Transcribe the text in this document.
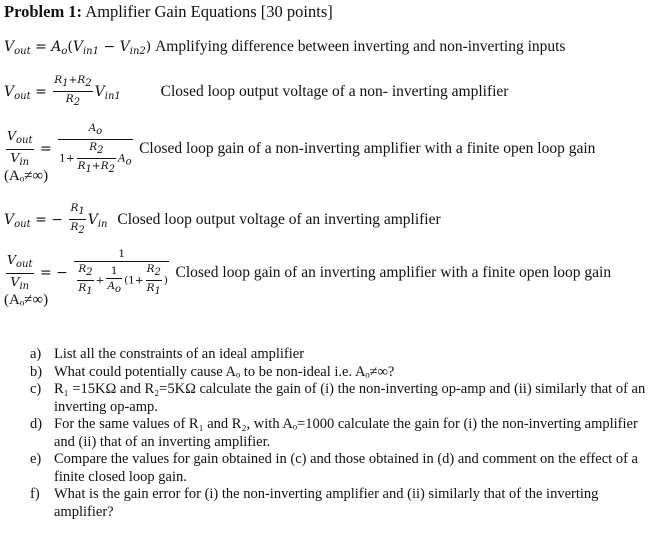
Problem 1: Amplifier Gain Equations [30 points]
$V_{out} = A_o(V_{in1} - V_{in2})$ Amplifying difference between inverting and non-inverting inputs
$V_{out} = \frac{R_1+R_2}{R_2} V_{in1}$	Closed loop output voltage of a non- inverting amplifier
$\frac{V_{out}}{V_{in}} = \frac{A_o}{1+ \frac{R_2}{R_1+R_2} A_o}$ Closed loop gain of a non-inverting amplifier with a finite open loop gain
(Aₒ≠∞)
$V_{out}$ = − $\frac{R_1}{R_2} V_{in}$ Closed loop output voltage of an inverting amplifier
$\frac{V_{out}}{V_{in}}$ = − $\frac{1}{\frac{R_2}{R_1} + \frac{1}{A_o} (1+ \frac{R_2}{R_1} )}$ Closed loop gain of an inverting amplifier with a finite open loop gain
(Aₒ≠∞)
a) List all the constraints of an ideal amplifier
b) What could potentially cause Aₒ to be non-ideal i.e. Aₒ≠∞?
c) R₁ =15KΩ and R₂=5KΩ calculate the gain of (i) the non-inverting op-amp and (ii) similarly that of an inverting op-amp.
d) For the same values of R₁ and R₂, with Aₒ=1000 calculate the gain for (i) the non-inverting amplifier and (ii) that of an inverting amplifier.
e) Compare the values for gain obtained in (c) and those obtained in (d) and comment on the effect of a finite closed loop gain.
f) What is the gain error for (i) the non-inverting amplifier and (ii) similarly that of the inverting amplifier?
